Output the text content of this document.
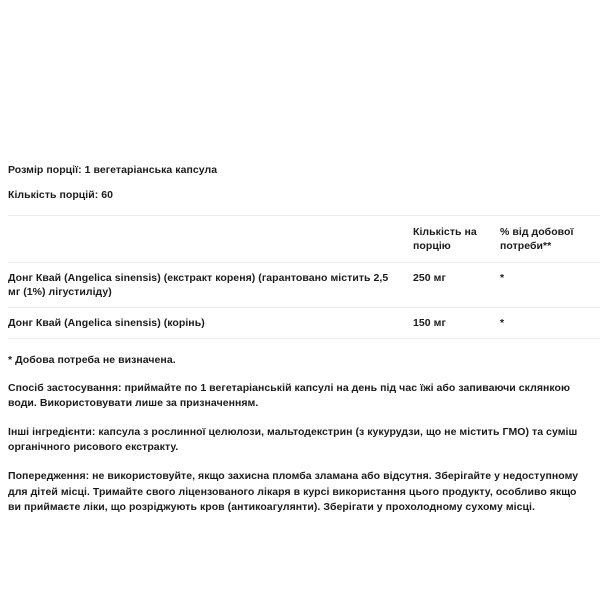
Розмір порції: 1 вегетаріанська капсула

Кількість порцій: 60

	Кількість на порцію	% від добової потреби**
Донг Квай (Angelica sinensis) (екстракт кореня) (гарантовано містить 2,5 мг (1%) лігустиліду)	250 мг	*
Донг Квай (Angelica sinensis) (корінь)	150 мг	*

* Добова потреба не визначена.

Спосіб застосування: приймайте по 1 вегетаріанській капсулі на день під час їжі або запиваючи склянкою води. Використовувати лише за призначенням.

Інші інгредієнти: капсула з рослинної целюлози, мальтодекстрин (з кукурудзи, що не містить ГМО) та суміш органічного рисового екстракту.

Попередження: не використовуйте, якщо захисна пломба зламана або відсутня. Зберігайте у недоступному для дітей місці. Тримайте свого ліцензованого лікаря в курсі використання цього продукту, особливо якщо ви приймаєте ліки, що розріджують кров (антикоагулянти). Зберігати у прохолодному сухому місці.
